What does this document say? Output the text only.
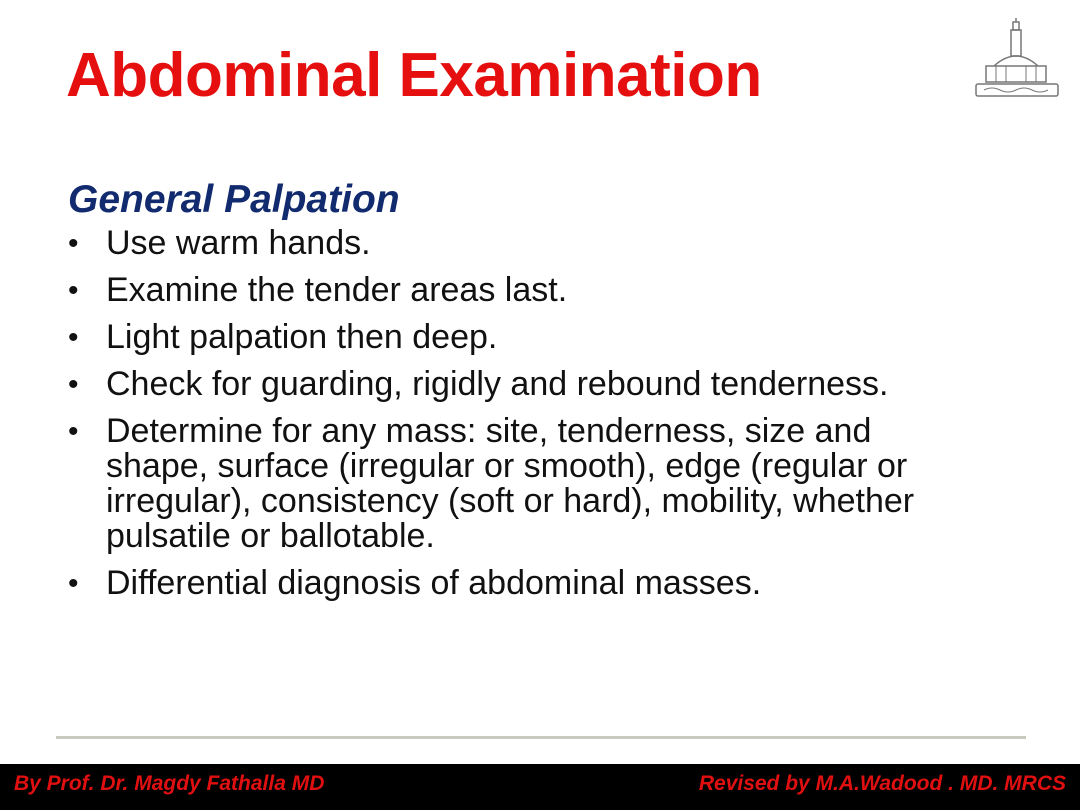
Abdominal Examination
General Palpation
• Use warm hands.
• Examine the tender areas last.
• Light palpation then deep.
• Check for guarding, rigidly and rebound tenderness.
• Determine for any mass: site, tenderness, size and shape, surface (irregular or smooth), edge (regular or irregular), consistency (soft or hard), mobility, whether pulsatile or ballotable.
• Differential diagnosis of abdominal masses.
By Prof. Dr. Magdy Fathalla MD	Revised by M.A.Wadood . MD. MRCS
